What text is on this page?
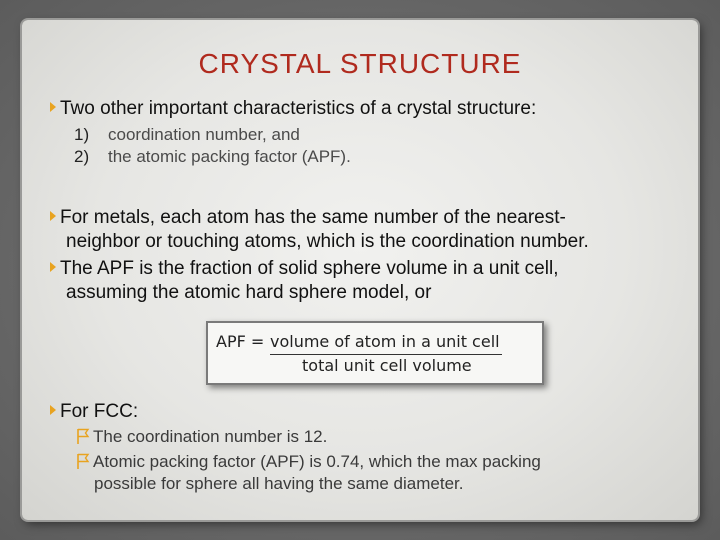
CRYSTAL STRUCTURE
Two other important characteristics of a crystal structure:
1) coordination number, and
2) the atomic packing factor (APF).
For metals, each atom has the same number of the nearest-
neighbor or touching atoms, which is the coordination number.
The APF is the fraction of solid sphere volume in a unit cell,
assuming the atomic hard sphere model, or
APF = volume of atom in a unit cell
total unit cell volume
For FCC:
The coordination number is 12.
Atomic packing factor (APF) is 0.74, which the max packing
possible for sphere all having the same diameter.
